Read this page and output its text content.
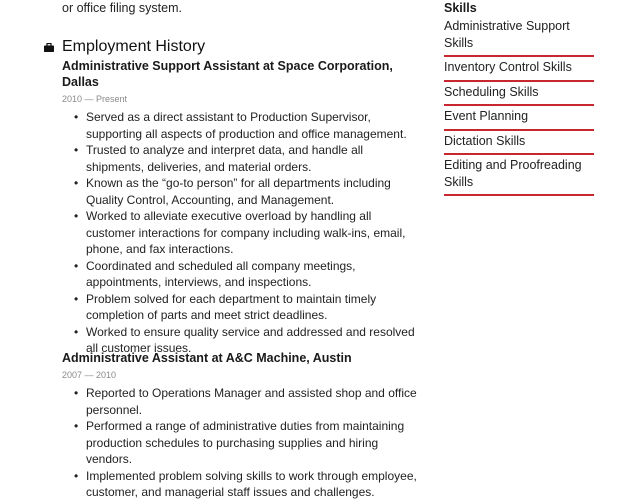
or office filing system.
Employment History
Administrative Support Assistant at Space Corporation, Dallas
2010 — Present
• Served as a direct assistant to Production Supervisor, supporting all aspects of production and office management.
• Trusted to analyze and interpret data, and handle all shipments, deliveries, and material orders.
• Known as the “go-to person” for all departments including Quality Control, Accounting, and Management.
• Worked to alleviate executive overload by handling all customer interactions for company including walk-ins, email, phone, and fax interactions.
• Coordinated and scheduled all company meetings, appointments, interviews, and inspections.
• Problem solved for each department to maintain timely completion of parts and meet strict deadlines.
• Worked to ensure quality service and addressed and resolved all customer issues.
Administrative Assistant at A&C Machine, Austin
2007 — 2010
• Reported to Operations Manager and assisted shop and office personnel.
• Performed a range of administrative duties from maintaining production schedules to purchasing supplies and hiring vendors.
• Implemented problem solving skills to work through employee, customer, and managerial staff issues and challenges.
Skills
Administrative Support Skills
Inventory Control Skills
Scheduling Skills
Event Planning
Dictation Skills
Editing and Proofreading Skills
